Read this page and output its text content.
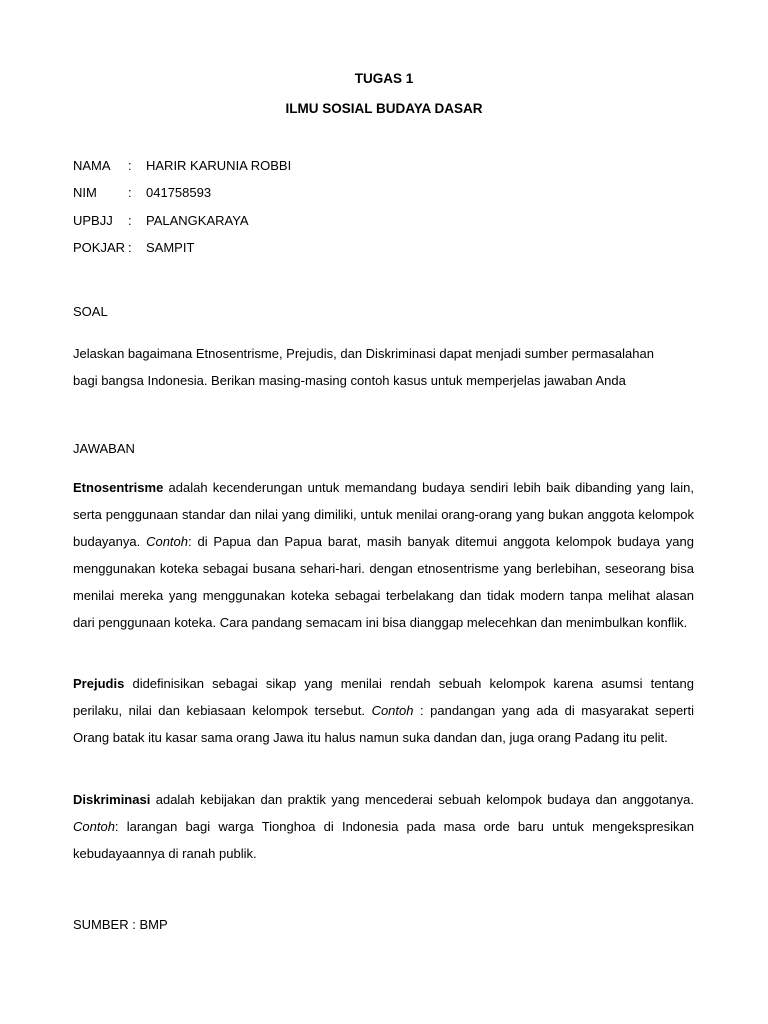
TUGAS 1
ILMU SOSIAL BUDAYA DASAR
NAMA : HARIR KARUNIA ROBBI
NIM : 041758593
UPBJJ : PALANGKARAYA
POKJAR : SAMPIT
SOAL
Jelaskan bagaimana Etnosentrisme, Prejudis, dan Diskriminasi dapat menjadi sumber permasalahan
bagi bangsa Indonesia. Berikan masing-masing contoh kasus untuk memperjelas jawaban Anda
JAWABAN
Etnosentrisme adalah kecenderungan untuk memandang budaya sendiri lebih baik dibanding yang lain, serta penggunaan standar dan nilai yang dimiliki, untuk menilai orang-orang yang bukan anggota kelompok budayanya. Contoh: di Papua dan Papua barat, masih banyak ditemui anggota kelompok budaya yang menggunakan koteka sebagai busana sehari-hari. dengan etnosentrisme yang berlebihan, seseorang bisa menilai mereka yang menggunakan koteka sebagai terbelakang dan tidak modern tanpa melihat alasan dari penggunaan koteka. Cara pandang semacam ini bisa dianggap melecehkan dan menimbulkan konflik.
Prejudis didefinisikan sebagai sikap yang menilai rendah sebuah kelompok karena asumsi tentang perilaku, nilai dan kebiasaan kelompok tersebut. Contoh : pandangan yang ada di masyarakat seperti Orang batak itu kasar sama orang Jawa itu halus namun suka dandan dan, juga orang Padang itu pelit.
Diskriminasi adalah kebijakan dan praktik yang mencederai sebuah kelompok budaya dan anggotanya. Contoh: larangan bagi warga Tionghoa di Indonesia pada masa orde baru untuk mengekspresikan kebudayaannya di ranah publik.
SUMBER : BMP
